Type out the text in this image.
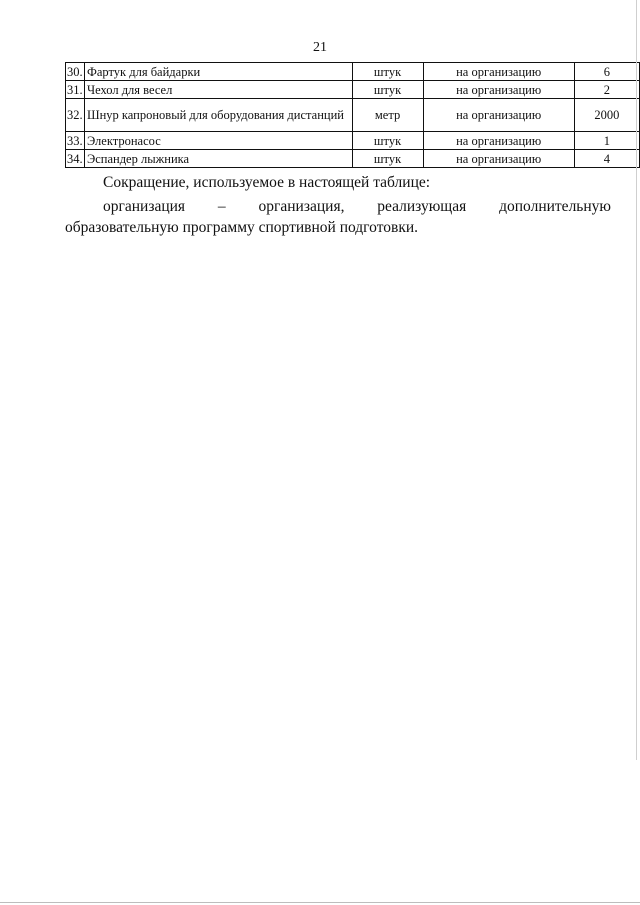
21
30.	Фартук для байдарки	штук	на организацию	6
31.	Чехол для весел	штук	на организацию	2
32.	Шнур капроновый для оборудования дистанций	метр	на организацию	2000
33.	Электронасос	штук	на организацию	1
34.	Эспандер лыжника	штук	на организацию	4
Сокращение, используемое в настоящей таблице:
организация – организация, реализующая дополнительную образовательную программу спортивной подготовки.
